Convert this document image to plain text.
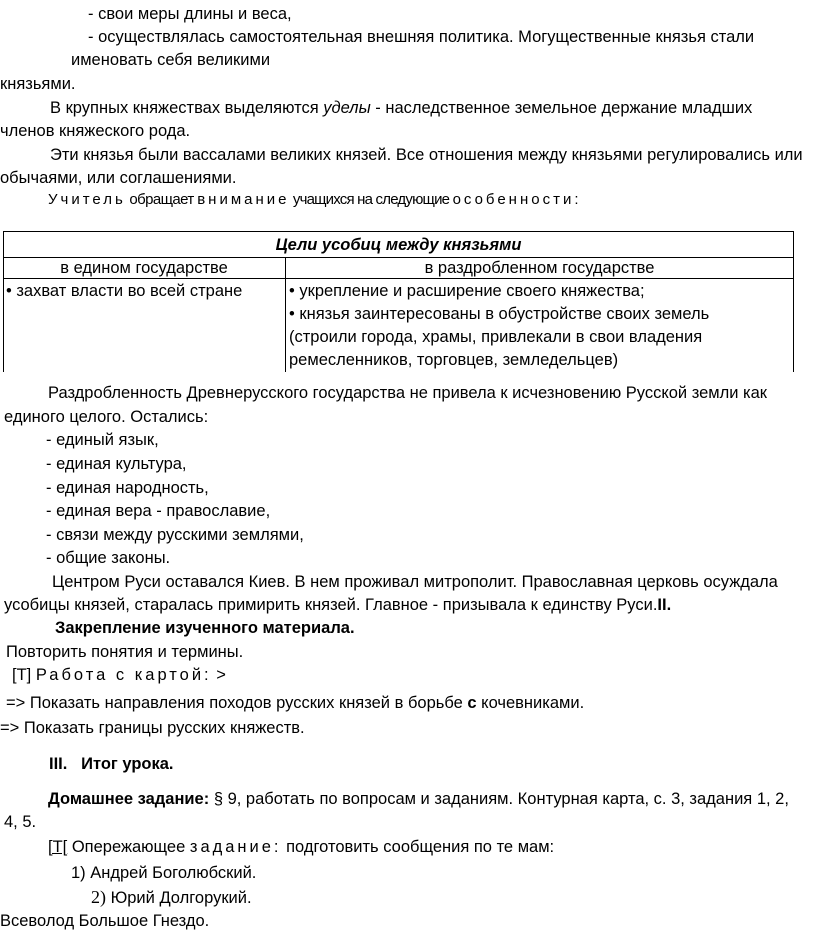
- свои меры длины и веса,
- осуществлялась самостоятельная внешняя политика. Могущественные князья стали
именовать себя великими
князьями.
В крупных княжествах выделяются уделы - наследственное земельное держание младших
членов княжеского рода.
Эти князья были вассалами великих князей. Все отношения между князьями регулировались или
обычаями, или соглашениями.
Учитель обращает внимание учащихся на следующие особенности:
Цели усобиц между князьями
в едином государстве	в раздробленном государстве
• захват власти во всей стране	• укрепление и расширение своего княжества;
• князья заинтересованы в обустройстве своих земель
(строили города, храмы, привлекали в свои владения
ремесленников, торговцев, земледельцев)
Раздробленность Древнерусского государства не привела к исчезновению Русской земли как
единого целого. Остались:
- единый язык,
- единая культура,
- единая народность,
- единая вера - православие,
- связи между русскими землями,
- общие законы.
Центром Руси оставался Киев. В нем проживал митрополит. Православная церковь осуждала
усобицы князей, старалась примирить князей. Главное - призывала к единству Руси.II.
Закрепление изученного материала.
Повторить понятия и термины.
[Т] Работа с картой: >
=> Показать направления походов русских князей в борьбе с кочевниками.
=> Показать границы русских княжеств.
III. Итог урока.
Домашнее задание: § 9, работать по вопросам и заданиям. Контурная карта, с. 3, задания 1, 2,
4, 5.
[Т[ Опережающее задание: подготовить сообщения по те мам:
1) Андрей Боголюбский.
2) Юрий Долгорукий.
Всеволод Большое Гнездо.
